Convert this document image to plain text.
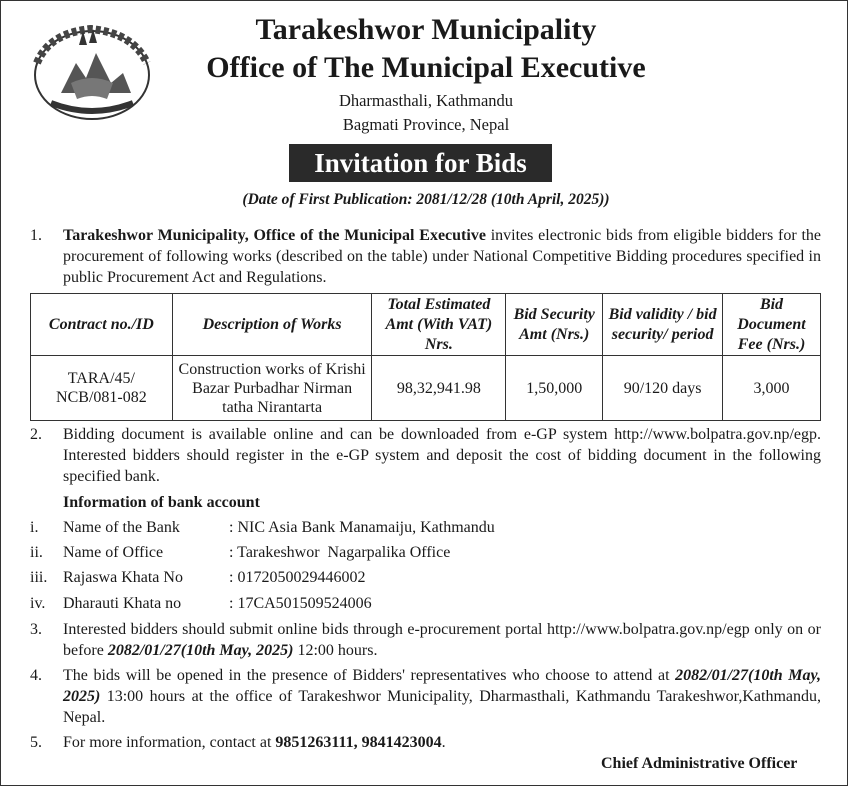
Tarakeshwor Municipality
Office of The Municipal Executive
Dharmasthali, Kathmandu
Bagmati Province, Nepal
Invitation for Bids
(Date of First Publication: 2081/12/28 (10th April, 2025))
1. Tarakeshwor Municipality, Office of the Municipal Executive invites electronic bids from eligible bidders for the procurement of following works (described on the table) under National Competitive Bidding procedures specified in public Procurement Act and Regulations.
Contract no./ID	Description of Works	Total Estimated Amt (With VAT) Nrs.	Bid Security Amt (Nrs.)	Bid validity / bid security/ period	Bid Document Fee (Nrs.)
TARA/45/ NCB/081-082	Construction works of Krishi Bazar Purbadhar Nirman tatha Nirantarta	98,32,941.98	1,50,000	90/120 days	3,000
2. Bidding document is available online and can be downloaded from e-GP system http://www.bolpatra.gov.np/egp. Interested bidders should register in the e-GP system and deposit the cost of bidding document in the following specified bank.
Information of bank account
i. Name of the Bank	: NIC Asia Bank Manamaiju, Kathmandu
ii. Name of Office	: Tarakeshwor  Nagarpalika Office
iii. Rajaswa Khata No	: 0172050029446002
iv. Dharauti Khata no	: 17CA501509524006
3. Interested bidders should submit online bids through e-procurement portal http://www.bolpatra.gov.np/egp only on or before 2082/01/27(10th May, 2025) 12:00 hours.
4. The bids will be opened in the presence of Bidders' representatives who choose to attend at 2082/01/27(10th May, 2025) 13:00 hours at the office of Tarakeshwor Municipality, Dharmasthali, Kathmandu Tarakeshwor,Kathmandu, Nepal.
5. For more information, contact at 9851263111, 9841423004.
Chief Administrative Officer
